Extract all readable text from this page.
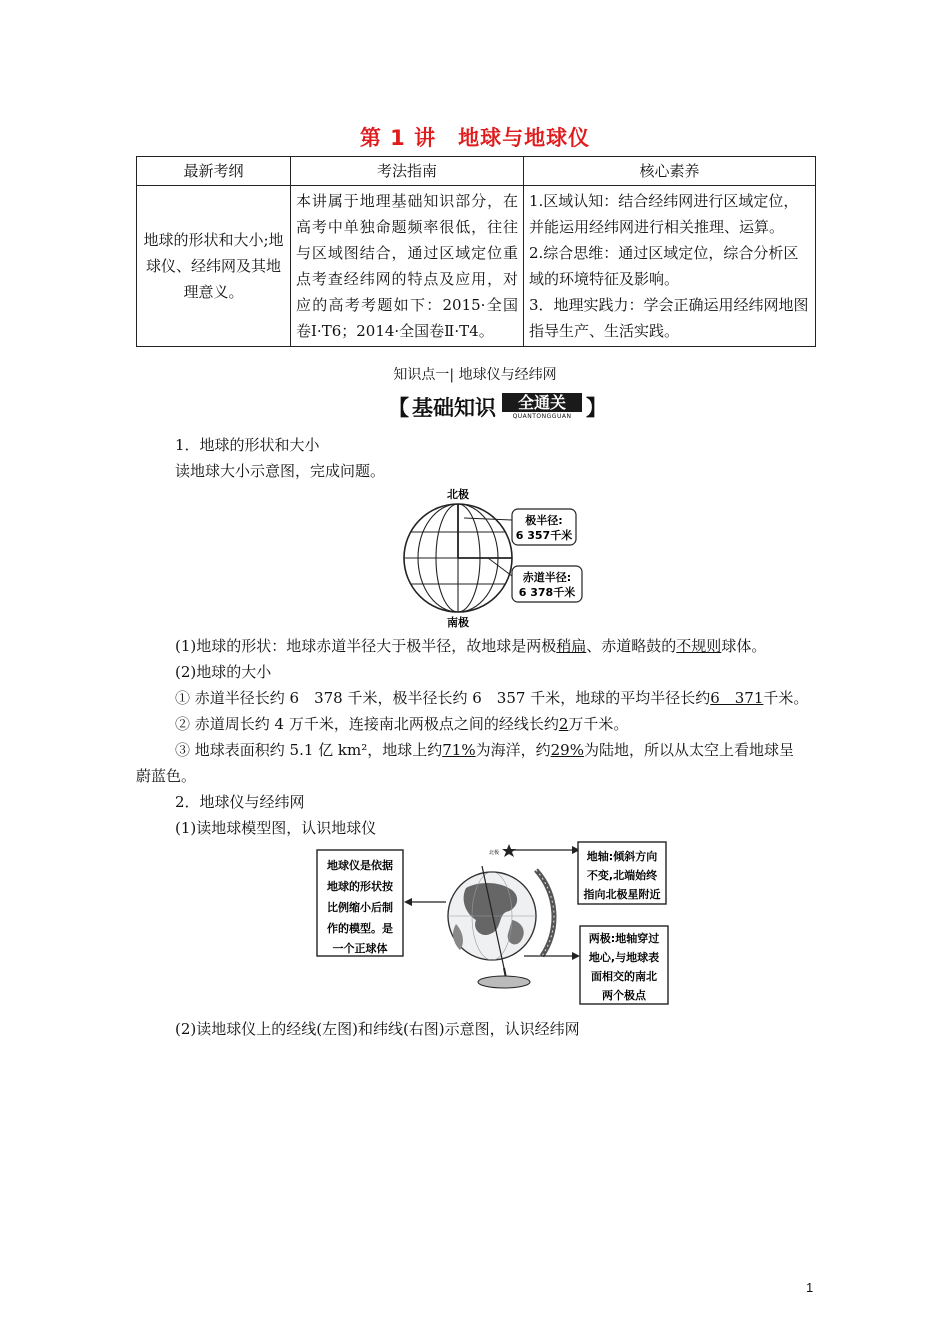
第 1 讲　地球与地球仪
最新考纲	考法指南	核心素养
地球的形状和大小;地球仪、经纬网及其地理意义。	本讲属于地理基础知识部分，在高考中单独命题频率很低，往往与区域图结合，通过区域定位重点考查经纬网的特点及应用，对应的高考考题如下：2015·全国卷Ⅰ·T6；2014·全国卷Ⅱ·T4。	1.区域认知：结合经纬网进行区域定位，并能运用经纬网进行相关推理、运算。
2.综合思维：通过区域定位，综合分析区域的环境特征及影响。
3．地理实践力：学会正确运用经纬网地图指导生产、生活实践。
知识点一| 地球仪与经纬网
【 基础知识	全通关
QUANTONGGUAN 】
1．地球的形状和大小
读地球大小示意图，完成问题。
北极
极半径:
6 357千米
赤道半径:
6 378千米
南极
(1)地球的形状：地球赤道半径大于极半径，故地球是两极稍扁、赤道略鼓的不规则球体。
(2)地球的大小
① 赤道半径长约 6　378 千米，极半径长约 6　357 千米，地球的平均半径长约6　371千米。
② 赤道周长约 4 万千米，连接南北两极点之间的经线长约2万千米。
③ 地球表面积约 5.1 亿 km²，地球上约71%为海洋，约29%为陆地，所以从太空上看地球呈
蔚蓝色。
2．地球仪与经纬网
(1)读地球模型图，认识地球仪
地球仪是依据
地球的形状按
比例缩小后制
作的模型。是
一个正球体
北极	地轴:倾斜方向
不变,北端始终
指向北极星附近
两极:地轴穿过
地心,与地球表
面相交的南北
两个极点
(2)读地球仪上的经线(左图)和纬线(右图)示意图，认识经纬网
1
